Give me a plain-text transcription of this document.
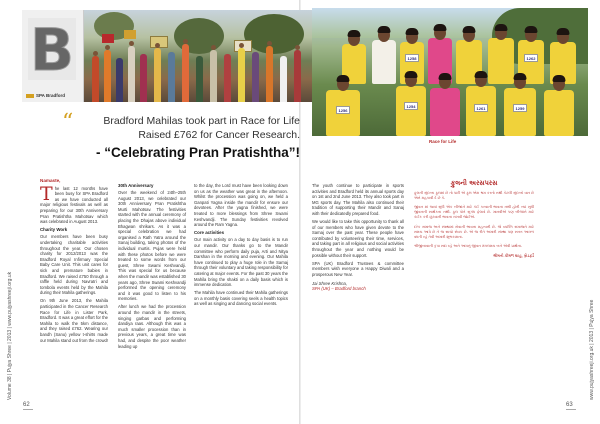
Volume 38 | Pujya Shree | 2013 | www.pujyashreeji.org.uk	www.pujyashreeji.org.uk | 2013 | Pujya Shree
B
SPA Bradford
1258	1262
1256
1254	1261	1259
Race for Life
“	Bradford Mahilas took part in Race for Life
Raised £762 for Cancer Research.
- “Celebrating Pran Pratishtha”!
Namaste,

The last 12 months have been busy for SPA Bradford as we have conducted all major religious festivals as well as preparing for our 30th Anniversary Pran Pratishtha Mahotsav which was celebrated in August 2013.

Charity Work

Our members have been busy undertaking charitable activities throughout the year. Our chosen charity for 2012/2013 was the Bradford Royal Infirmary Special Baby Care Unit. This unit cares for sick and premature babies in Bradford. We raised £750 through a raffle held during Navratri and tombola events held by the Mahila during their Mahila gatherings.

On 9th June 2013, the Mahila participated in the Cancer Research Race for Life in Lister Park, Bradford. It was a great effort for the Mahila to walk the 5km distance, and they raised £762. Wearing our bandh (Sanu) yellow t-shirts made our Mahila stand out from the crowd!

30th Anniversary

Over the weekend of 24th–25th August 2013, we celebrated our 30th Anniversary Pran Pratishtha Murti Mahotsav. The festivities started with the annual ceremony of placing the Dhajas above individual Bhagwan shrikars. As it was a special celebration we had organised a Rath Yatra around the Sanaj building, taking photos of the individual murtis. Pujas were held with these photos before we were treated to some words from our guest, Shree Swami Keshvandji. This was special for us because when the mandir was established 30 years ago, Shree Swami Keshvandji performed the opening ceremony and it was good to listen to his memories.

After lunch we had the procession around the mandir in the streets, singing garbas and performing dandiya raas. Although this was a much smaller procession than in previous years, a great time was had, and despite the poor weather leading up

to the day, the Lord must have been looking down on us as the weather was great in the afternoon. Whilst the procession was going on, we held a Ganpati Yagna inside the mandir for ensure our devotees. After the yagna finished, we were treated to more blessings from Shree Swami Keshvandji. The Sunday festivities revolved around the Ram Yagna.

Core activities

Our main activity on a day to day basis is to run our mandir. Our thanks go to the Mandir committee who perform daily puja, Arti and Nitya Darshan in the morning and evening. Our Mahila have continued to play a huge role in the Samaj through their voluntary and taking responsibility for catering at major events. For the past 30 years the Mahila bring the shakti on a daily basis which is immense dedication.

The Mahila have continued their Mahila gatherings on a monthly basis covering seels a health topics as well as singing and dancing social events.

The youth continue to participate in sports activities and Bradford held its annual sports day on 1st and 2nd June 2013. They also took part in MG sports day. The Mahila also continued their tradition of supporting their Mandir and Sanaj with their dedicatedly prepared food.

We would like to take this opportunity to thank all of our members who have given devote to the Samaj over the past year. These people have contributed by volunteering their time, services, and taking part in all religious and social activities throughout the year and nothing would be possible without their support.

SPA (UK) Bradford Trustees & committee members wish everyone a Happy Diwali and a prosperous New Year.

Jai Shree Krishna,
SPA (UK) – Bradford branch
ફુલની અરસપરસ

ફુલની સુંદરતા ફુલમાં છે તો પછી એ ફુલ એમ શ્રમ કરતો નથી કેટલી સુંદરતો વાત છે એને મહકાવી દે છે કે.

જીવન માં જ્યાં સુધી એક બીજાને માટે કંઈ કરવાની ભાવના નથી હોતી ત્યાં સુધી જીવનની સાર્થકતા નથી. ફુલ પોતે સુગંધ ફેલાવે છે. માનવીએ પણ બીજાને માટે કંઈક કરી છૂટવાની ભાવના રાખવી જોઈએ.

દરેક સમાજ અને સંસ્થામાં સેવાની ભાવના મહત્વની છે. જે વ્યક્તિ સમાજને માટે સમય આપે છે તે જ સાચો સેવક છે. એ જ રીતે અમારી સંસ્થા પણ સતત આગળ વધતી રહે તેવી અમારી શુભકામના.

શ્રીજીબાવાની કૃપા સદા રહે અને આપનું જીવન મંગલમય બને એવી પ્રાર્થના.

શ્રીમતી કોમળ શાહ, બ્રેડફર્ડ
62	63
